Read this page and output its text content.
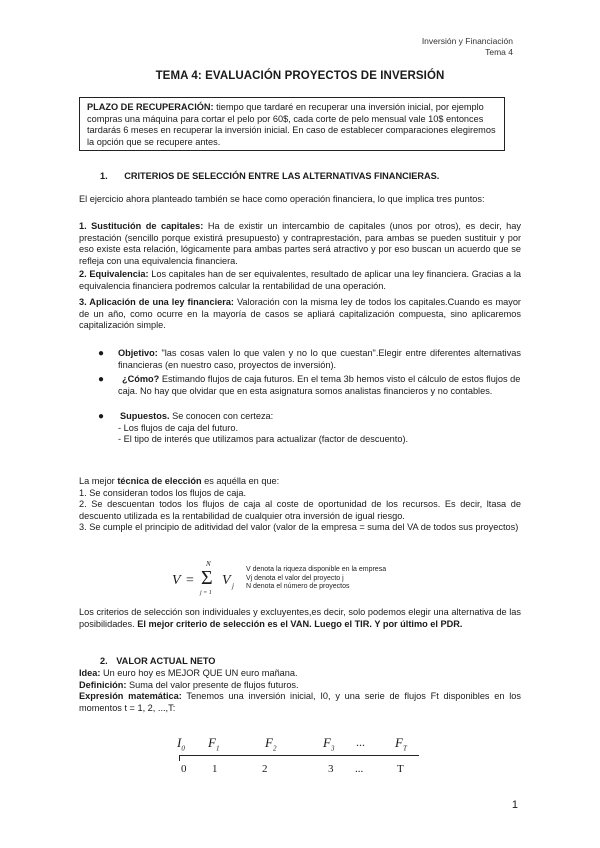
Inversión y Financiación
Tema 4
TEMA 4: EVALUACIÓN PROYECTOS DE INVERSIÓN
PLAZO DE RECUPERACIÓN: tiempo que tardaré en recuperar una inversión inicial, por ejemplo compras una máquina para cortar el pelo por 60$, cada corte de pelo mensual vale 10$ entonces tardarás 6 meses en recuperar la inversión inicial. En caso de establecer comparaciones elegiremos la opción que se recupere antes.
1. CRITERIOS DE SELECCIÓN ENTRE LAS ALTERNATIVAS FINANCIERAS.
El ejercicio ahora planteado también se hace como operación financiera, lo que implica tres puntos:
1. Sustitución de capitales: Ha de existir un intercambio de capitales (unos por otros), es decir, hay prestación (sencillo porque existirá presupuesto) y contraprestación, para ambas se pueden sustituir y por eso existe esta relación, lógicamente para ambas partes será atractivo y por eso buscan un acuerdo que se refleja con una equivalencia financiera.
2. Equivalencia: Los capitales han de ser equivalentes, resultado de aplicar una ley financiera. Gracias a la equivalencia financiera podremos calcular la rentabilidad de una operación.
3. Aplicación de una ley financiera: Valoración con la misma ley de todos los capitales.Cuando es mayor de un año, como ocurre en la mayoría de casos se apliará capitalización compuesta, sino aplicaremos capitalización simple.
● Objetivo: "las cosas valen lo que valen y no lo que cuestan".Elegir entre diferentes alternativas financieras (en nuestro caso, proyectos de inversión).
● ¿Cómo? Estimando flujos de caja futuros. En el tema 3b hemos visto el cálculo de estos flujos de caja. No hay que olvidar que en esta asignatura somos analistas financieros y no contables.
● Supuestos. Se conocen con certeza:
- Los flujos de caja del futuro.
- El tipo de interés que utilizamos para actualizar (factor de descuento).
La mejor técnica de elección es aquélla en que:
1. Se consideran todos los flujos de caja.
2. Se descuentan todos los flujos de caja al coste de oportunidad de los recursos. Es decir, ltasa de descuento utilizada es la rentabilidad de cualquier otra inversión de igual riesgo.
3. Se cumple el principio de aditividad del valor (valor de la empresa = suma del VA de todos sus proyectos)
V =
N
Σ
j = 1
V j
V denota la riqueza disponible en la empresa
Vj denota el valor del proyecto j
N denota el número de proyectos
Los criterios de selección son individuales y excluyentes,es decir, solo podemos elegir una alternativa de las posibilidades. El mejor criterio de selección es el VAN. Luego el TIR. Y por último el PDR.
2. VALOR ACTUAL NETO
Idea: Un euro hoy es MEJOR QUE UN euro mañana.
Definición: Suma del valor presente de flujos futuros.
Expresión matemática: Tenemos una inversión inicial, I0, y una serie de flujos Ft disponibles en los momentos t = 1, 2, ...,T:
$I_0$ $F_1$	$F_2$	$F_3$ ... $F_T$
0 1	2	3 ...	T
1
